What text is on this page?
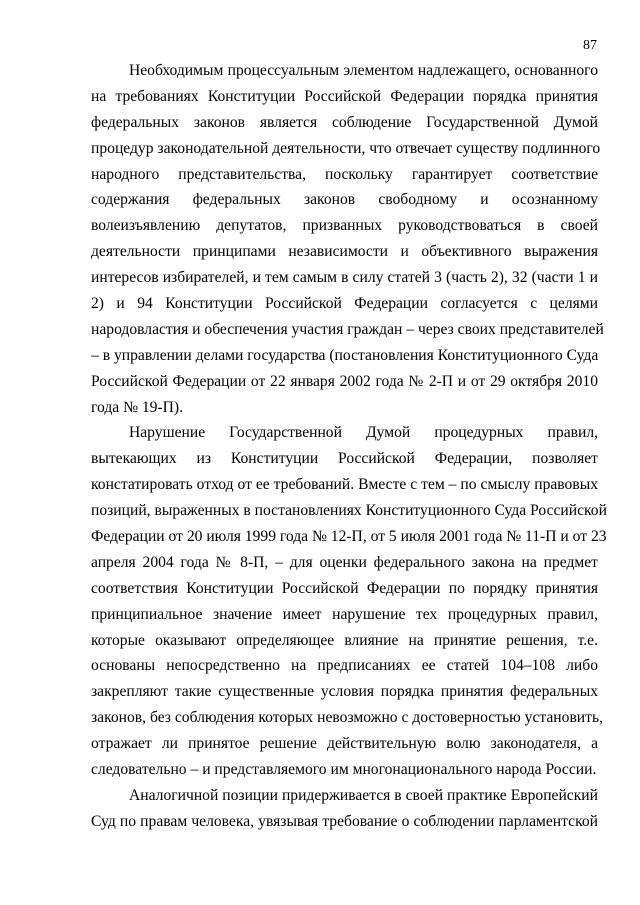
87
Необходимым процессуальным элементом надлежащего, основанного
на требованиях Конституции Российской Федерации порядка принятия
федеральных законов является соблюдение Государственной Думой
процедур законодательной деятельности, что отвечает существу подлинного
народного представительства, поскольку гарантирует соответствие
содержания федеральных законов свободному и осознанному
волеизъявлению депутатов, призванных руководствоваться в своей
деятельности принципами независимости и объективного выражения
интересов избирателей, и тем самым в силу статей 3 (часть 2), 32 (части 1 и
2) и 94 Конституции Российской Федерации согласуется с целями
народовластия и обеспечения участия граждан – через своих представителей
– в управлении делами государства (постановления Конституционного Суда
Российской Федерации от 22 января 2002 года № 2-П и от 29 октября 2010
года № 19-П).
Нарушение Государственной Думой процедурных правил,
вытекающих из Конституции Российской Федерации, позволяет
констатировать отход от ее требований. Вместе с тем – по смыслу правовых
позиций, выраженных в постановлениях Конституционного Суда Российской
Федерации от 20 июля 1999 года № 12-П, от 5 июля 2001 года № 11-П и от 23
апреля 2004 года № 8-П, – для оценки федерального закона на предмет
соответствия Конституции Российской Федерации по порядку принятия
принципиальное значение имеет нарушение тех процедурных правил,
которые оказывают определяющее влияние на принятие решения, т.е.
основаны непосредственно на предписаниях ее статей 104–108 либо
закрепляют такие существенные условия порядка принятия федеральных
законов, без соблюдения которых невозможно с достоверностью установить,
отражает ли принятое решение действительную волю законодателя, а
следовательно – и представляемого им многонационального народа России.
Аналогичной позиции придерживается в своей практике Европейский
Суд по правам человека, увязывая требование о соблюдении парламентской
